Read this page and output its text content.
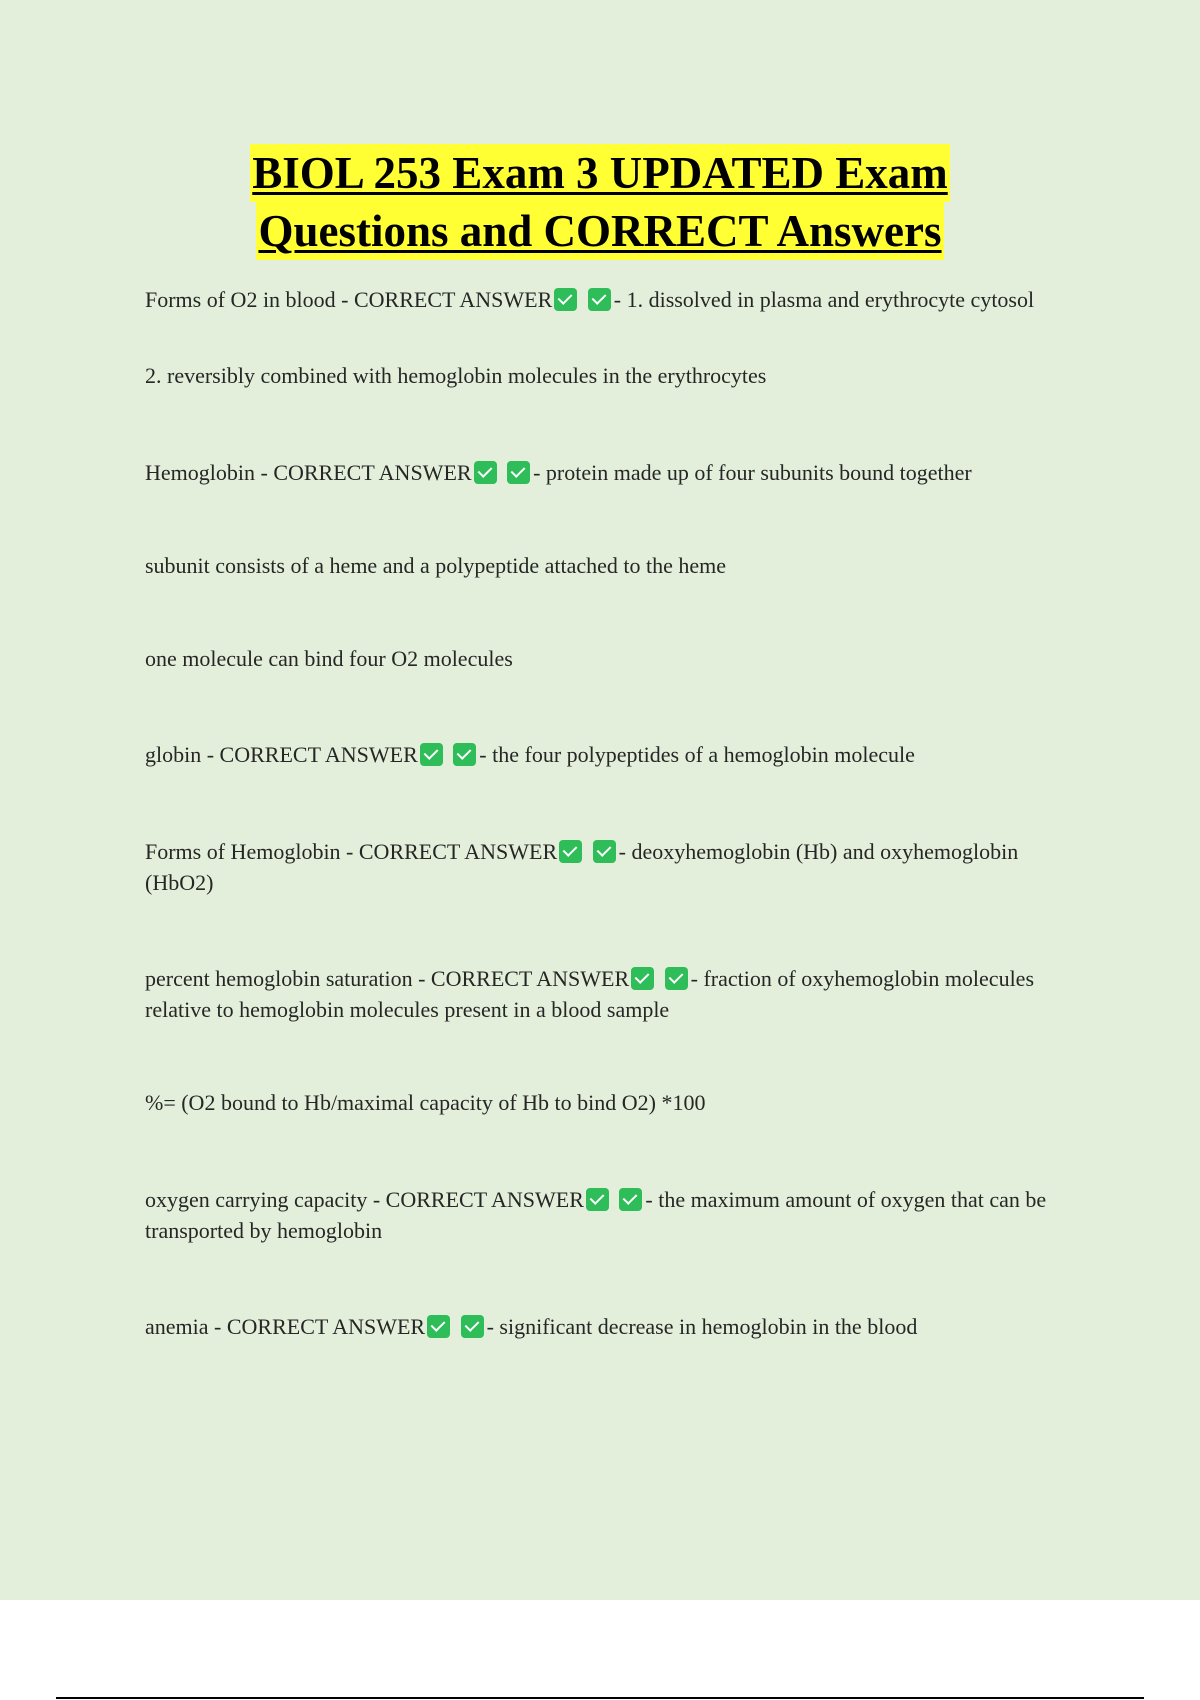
BIOL 253 Exam 3 UPDATED Exam
Questions and CORRECT Answers
Forms of O2 in blood - CORRECT ANSWER	- 1. dissolved in plasma and erythrocyte cytosol
2. reversibly combined with hemoglobin molecules in the erythrocytes
Hemoglobin - CORRECT ANSWER	- protein made up of four subunits bound together
subunit consists of a heme and a polypeptide attached to the heme
one molecule can bind four O2 molecules
globin - CORRECT ANSWER	- the four polypeptides of a hemoglobin molecule
Forms of Hemoglobin - CORRECT ANSWER	- deoxyhemoglobin (Hb) and oxyhemoglobin (HbO2)
percent hemoglobin saturation - CORRECT ANSWER	- fraction of oxyhemoglobin molecules relative to hemoglobin molecules present in a blood sample
%= (O2 bound to Hb/maximal capacity of Hb to bind O2) *100
oxygen carrying capacity - CORRECT ANSWER	- the maximum amount of oxygen that can be transported by hemoglobin
anemia - CORRECT ANSWER	- significant decrease in hemoglobin in the blood
